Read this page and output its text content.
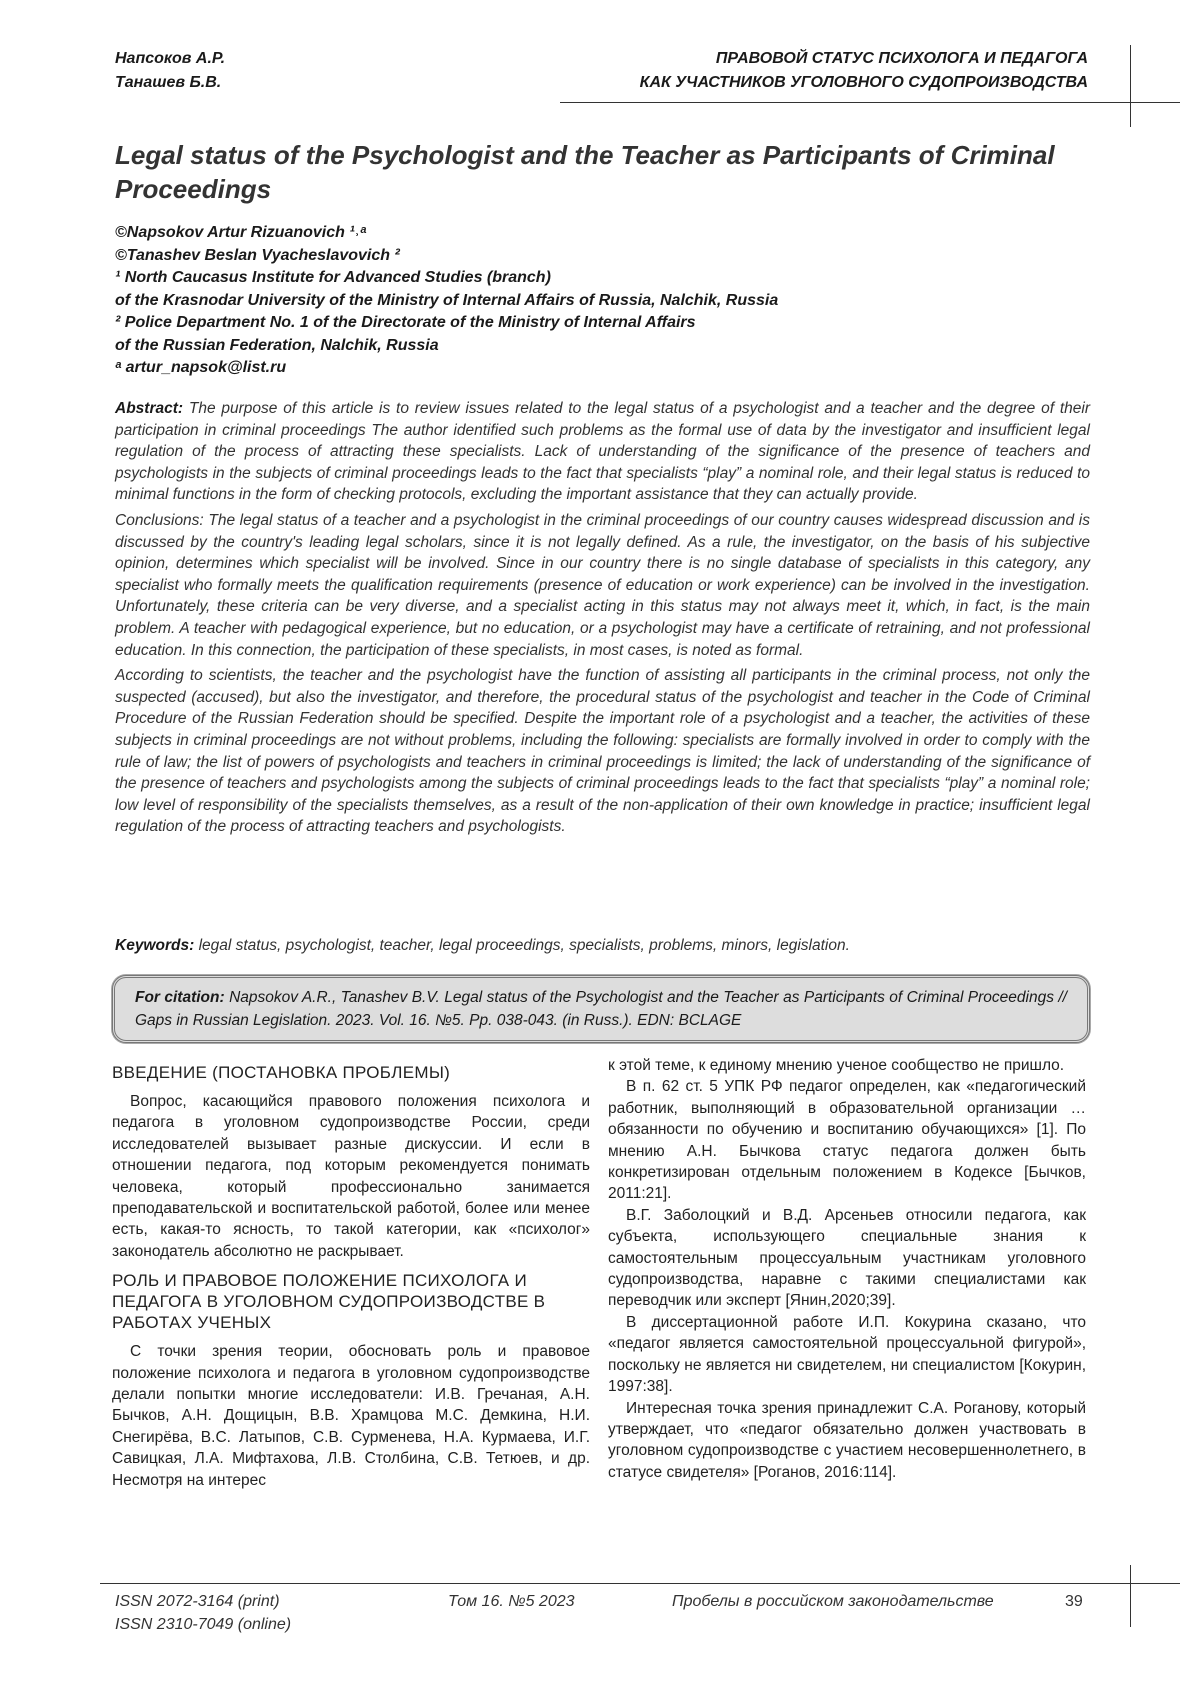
Напсоков А.Р.
Танашев Б.В.
ПРАВОВОЙ СТАТУС ПСИХОЛОГА И ПЕДАГОГА
КАК УЧАСТНИКОВ УГОЛОВНОГО СУДОПРОИЗВОДСТВА
Legal status of the Psychologist and the Teacher as Participants of Criminal Proceedings
©Napsokov Artur Rizuanovich ¹˒ᵃ
©Tanashev Beslan Vyacheslavovich ²
¹ North Caucasus Institute for Advanced Studies (branch)
of the Krasnodar University of the Ministry of Internal Affairs of Russia, Nalchik, Russia
² Police Department No. 1 of the Directorate of the Ministry of Internal Affairs
of the Russian Federation, Nalchik, Russia
ᵃ artur_napsok@list.ru

Abstract: The purpose of this article is to review issues related to the legal status of a psychologist and a teacher and the degree of their participation in criminal proceedings The author identified such problems as the formal use of data by the investigator and insufficient legal regulation of the process of attracting these specialists. Lack of understanding of the significance of the presence of teachers and psychologists in the subjects of criminal proceedings leads to the fact that specialists “play” a nominal role, and their legal status is reduced to minimal functions in the form of checking protocols, excluding the important assistance that they can actually provide.

Conclusions: The legal status of a teacher and a psychologist in the criminal proceedings of our country causes widespread discussion and is discussed by the country's leading legal scholars, since it is not legally defined. As a rule, the investigator, on the basis of his subjective opinion, determines which specialist will be involved. Since in our country there is no single database of specialists in this category, any specialist who formally meets the qualification requirements (presence of education or work experience) can be involved in the investigation. Unfortunately, these criteria can be very diverse, and a specialist acting in this status may not always meet it, which, in fact, is the main problem. A teacher with pedagogical experience, but no education, or a psychologist may have a certificate of retraining, and not professional education. In this connection, the participation of these specialists, in most cases, is noted as formal.

According to scientists, the teacher and the psychologist have the function of assisting all participants in the criminal process, not only the suspected (accused), but also the investigator, and therefore, the procedural status of the psychologist and teacher in the Code of Criminal Procedure of the Russian Federation should be specified. Despite the important role of a psychologist and a teacher, the activities of these subjects in criminal proceedings are not without problems, including the following: specialists are formally involved in order to comply with the rule of law; the list of powers of psychologists and teachers in criminal proceedings is limited; the lack of understanding of the significance of the presence of teachers and psychologists among the subjects of criminal proceedings leads to the fact that specialists “play” a nominal role; low level of responsibility of the specialists themselves, as a result of the non-application of their own knowledge in practice; insufficient legal regulation of the process of attracting teachers and psychologists.

Keywords: legal status, psychologist, teacher, legal proceedings, specialists, problems, minors, legislation.
For citation: Napsokov A.R., Tanashev B.V. Legal status of the Psychologist and the Teacher as Participants of Criminal Proceedings // Gaps in Russian Legislation. 2023. Vol. 16. №5. Pp. 038-043. (in Russ.). EDN: BCLAGE
ВВЕДЕНИЕ (ПОСТАНОВКА ПРОБЛЕМЫ)

Вопрос, касающийся правового положения психолога и педагога в уголовном судопроизводстве России, среди исследователей вызывает разные дискуссии. И если в отношении педагога, под которым рекомендуется понимать человека, который профессионально занимается преподавательской и воспитательской работой, более или менее есть, какая-то ясность, то такой категории, как «психолог» законодатель абсолютно не раскрывает.

РОЛЬ И ПРАВОВОЕ ПОЛОЖЕНИЕ ПСИХОЛОГА И ПЕДАГОГА В УГОЛОВНОМ СУДОПРОИЗВОДСТВЕ В РАБОТАХ УЧЕНЫХ

С точки зрения теории, обосновать роль и правовое положение психолога и педагога в уголовном судопроизводстве делали попытки многие исследователи: И.В. Гречаная, А.Н. Бычков, А.Н. Дощицын, В.В. Храмцова М.С. Демкина, Н.И. Снегирёва, В.С. Латыпов, С.В. Сурменева, Н.А. Курмаева, И.Г. Савицкая, Л.А. Мифтахова, Л.В. Столбина, С.В. Тетюев, и др. Несмотря на интерес

к этой теме, к единому мнению ученое сообщество не пришло.

В п. 62 ст. 5 УПК РФ педагог определен, как «педагогический работник, выполняющий в образовательной организации … обязанности по обучению и воспитанию обучающихся» [1]. По мнению А.Н. Бычкова статус педагога должен быть конкретизирован отдельным положением в Кодексе [Бычков, 2011:21].

В.Г. Заболоцкий и В.Д. Арсеньев относили педагога, как субъекта, использующего специальные знания к самостоятельным процессуальным участникам уголовного судопроизводства, наравне с такими специалистами как переводчик или эксперт [Янин,2020;39].

В диссертационной работе И.П. Кокурина сказано, что «педагог является самостоятельной процессуальной фигурой», поскольку не является ни свидетелем, ни специалистом [Кокурин, 1997:38].

Интересная точка зрения принадлежит С.А. Роганову, который утверждает, что «педагог обязательно должен участвовать в уголовном судопроизводстве с участием несовершеннолетнего, в статусе свидетеля» [Роганов, 2016:114].

ISSN 2072-3164 (print)
ISSN 2310-7049 (online)
Том 16. №5 2023	Пробелы в российском законодательстве	39
